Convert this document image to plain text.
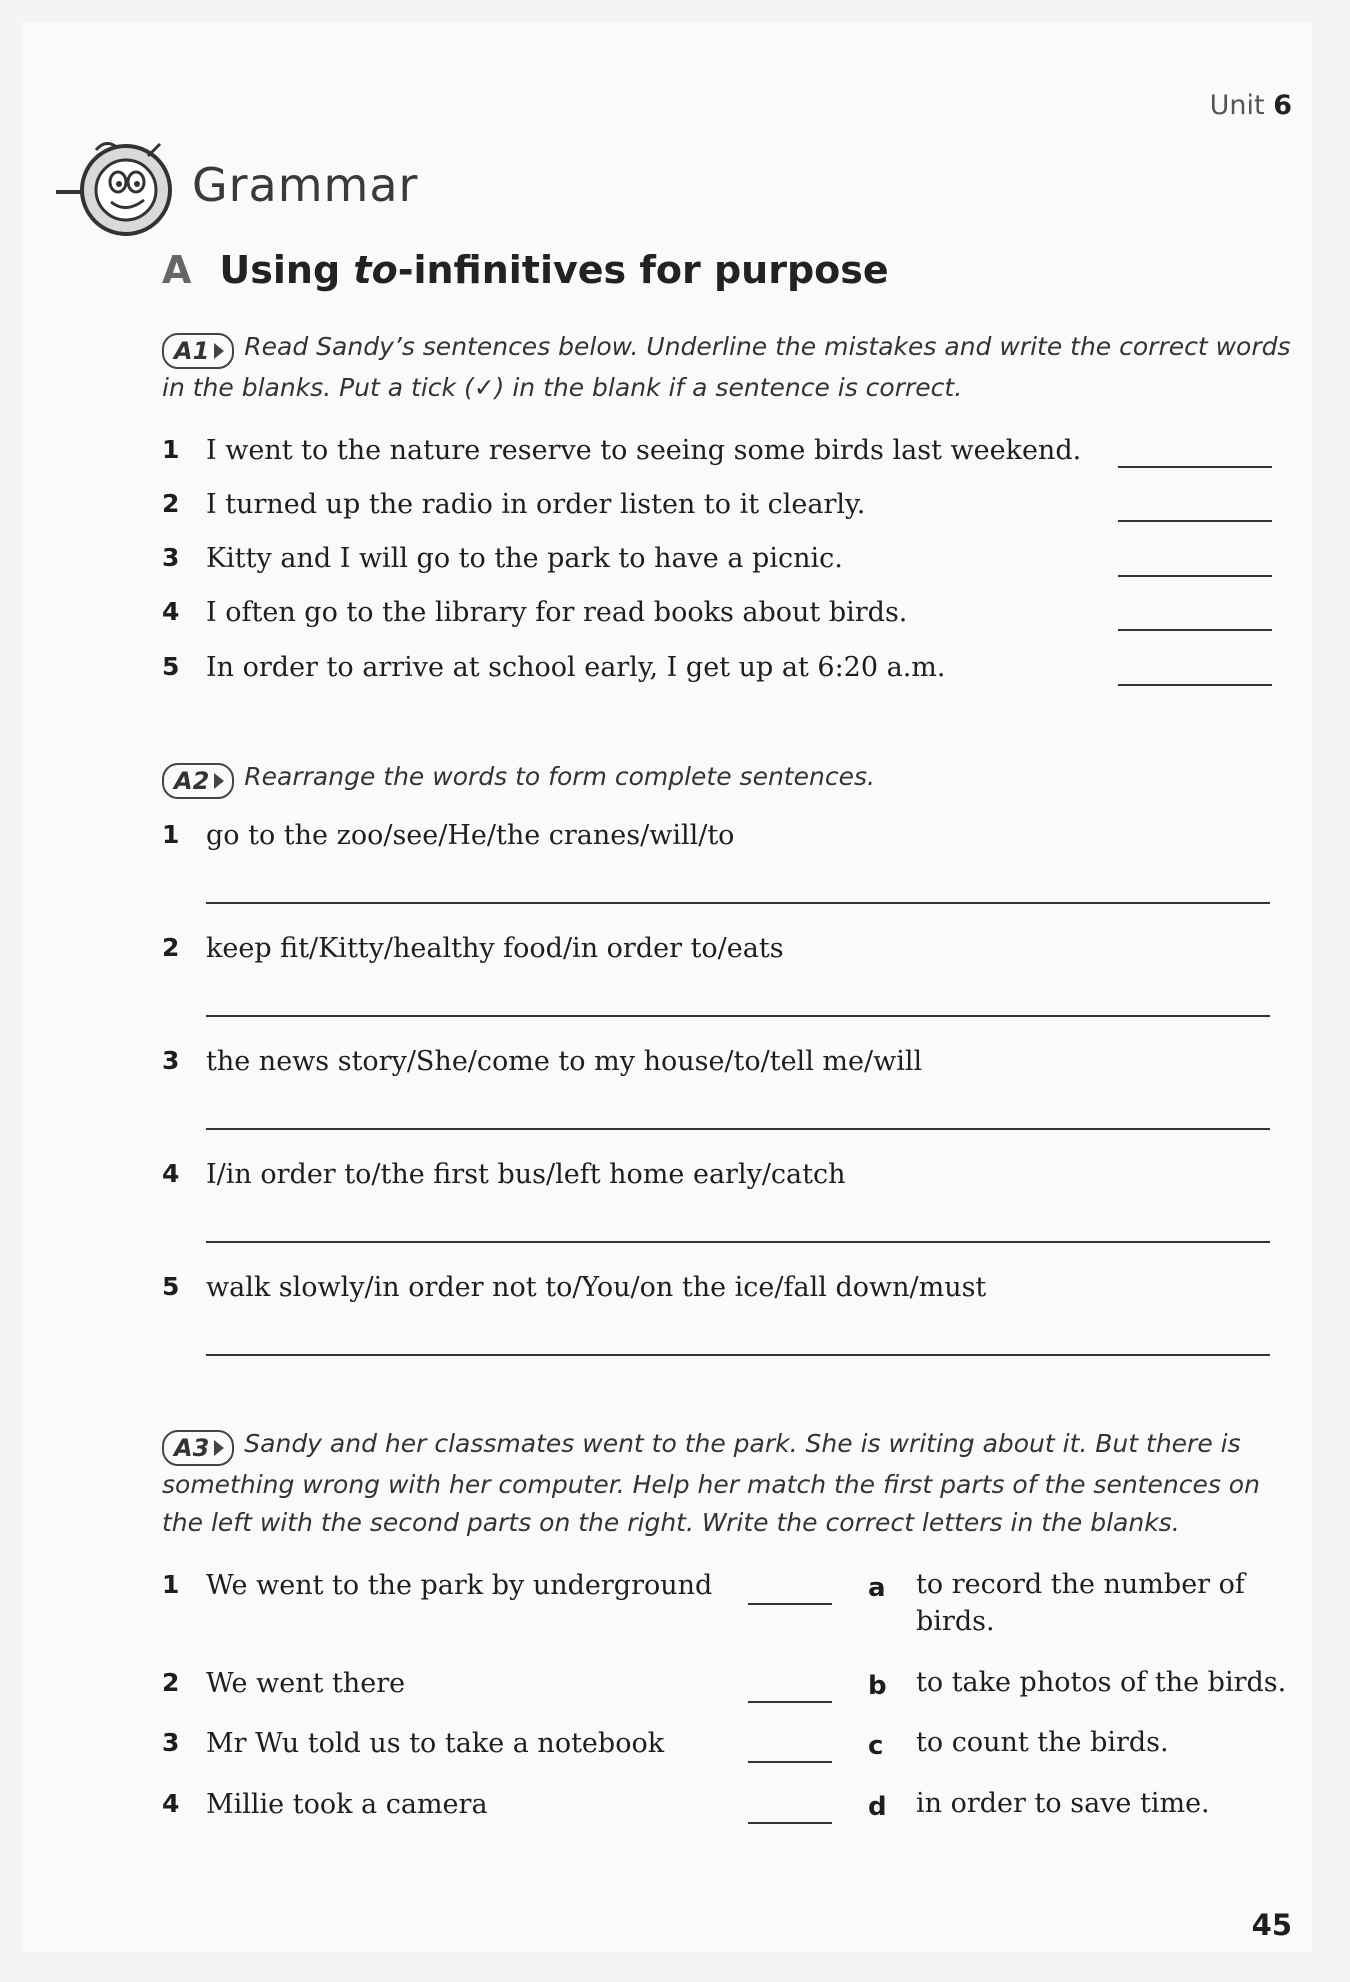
Unit 6
Grammar
A Using to-infinitives for purpose
A1 Read Sandy’s sentences below. Underline the mistakes and write the correct words in the blanks. Put a tick (✓) in the blank if a sentence is correct.
1 I went to the nature reserve to seeing some birds last weekend.
2 I turned up the radio in order listen to it clearly.
3 Kitty and I will go to the park to have a picnic.
4 I often go to the library for read books about birds.
5 In order to arrive at school early, I get up at 6:20 a.m.
A2 Rearrange the words to form complete sentences.
1 go to the zoo/see/He/the cranes/will/to
2 keep fit/Kitty/healthy food/in order to/eats
3 the news story/She/come to my house/to/tell me/will
4 I/in order to/the first bus/left home early/catch
5 walk slowly/in order not to/You/on the ice/fall down/must
A3 Sandy and her classmates went to the park. She is writing about it. But there is something wrong with her computer. Help her match the first parts of the sentences on the left with the second parts on the right. Write the correct letters in the blanks.
1 We went to the park by underground
2 We went there
3 Mr Wu told us to take a notebook
4 Millie took a camera
a to record the number of birds.
b to take photos of the birds.
c to count the birds.
d in order to save time.
45
